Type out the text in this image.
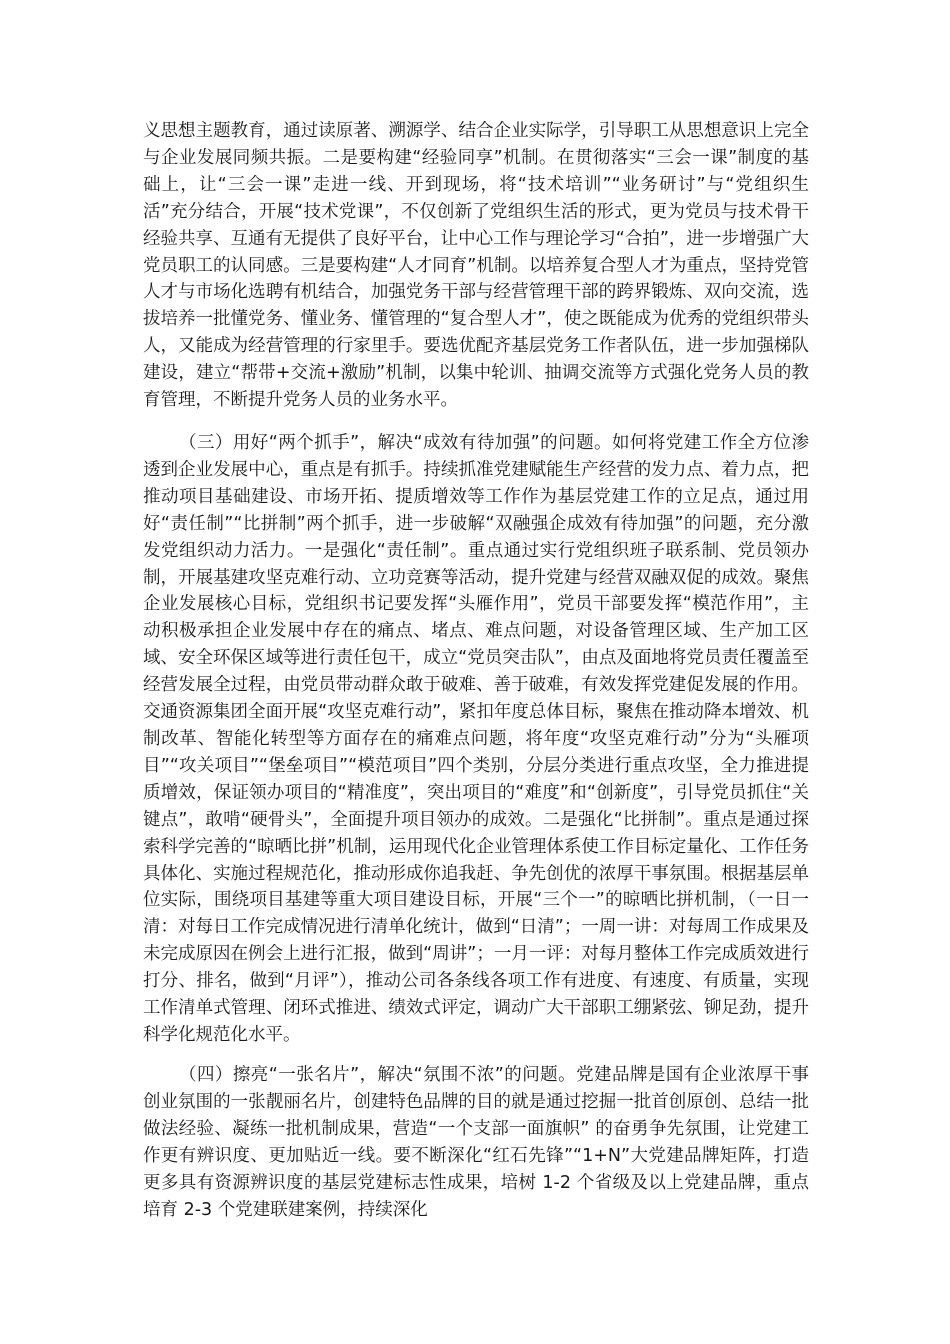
义思想主题教育，通过读原著、溯源学、结合企业实际学，引导职工从思想意识上完全与企业发展同频共振。二是要构建“经验同享”机制。在贯彻落实“三会一课”制度的基础上，让“三会一课”走进一线、开到现场，将“技术培训”“业务研讨”与“党组织生活”充分结合，开展“技术党课”，不仅创新了党组织生活的形式，更为党员与技术骨干经验共享、互通有无提供了良好平台，让中心工作与理论学习“合拍”，进一步增强广大党员职工的认同感。三是要构建“人才同育”机制。以培养复合型人才为重点，坚持党管人才与市场化选聘有机结合，加强党务干部与经营管理干部的跨界锻炼、双向交流，选拔培养一批懂党务、懂业务、懂管理的“复合型人才”，使之既能成为优秀的党组织带头人，又能成为经营管理的行家里手。要选优配齐基层党务工作者队伍，进一步加强梯队建设，建立“帮带+交流+激励”机制，以集中轮训、抽调交流等方式强化党务人员的教育管理，不断提升党务人员的业务水平。

（三）用好“两个抓手”，解决“成效有待加强”的问题。如何将党建工作全方位渗透到企业发展中心，重点是有抓手。持续抓准党建赋能生产经营的发力点、着力点，把推动项目基础建设、市场开拓、提质增效等工作作为基层党建工作的立足点，通过用好“责任制”“比拼制”两个抓手，进一步破解“双融强企成效有待加强”的问题，充分激发党组织动力活力。一是强化“责任制”。重点通过实行党组织班子联系制、党员领办制，开展基建攻坚克难行动、立功竞赛等活动，提升党建与经营双融双促的成效。聚焦企业发展核心目标，党组织书记要发挥“头雁作用”，党员干部要发挥“模范作用”，主动积极承担企业发展中存在的痛点、堵点、难点问题，对设备管理区域、生产加工区域、安全环保区域等进行责任包干，成立“党员突击队”，由点及面地将党员责任覆盖至经营发展全过程，由党员带动群众敢于破难、善于破难，有效发挥党建促发展的作用。交通资源集团全面开展“攻坚克难行动”，紧扣年度总体目标，聚焦在推动降本增效、机制改革、智能化转型等方面存在的痛难点问题，将年度“攻坚克难行动”分为“头雁项目”“攻关项目”“堡垒项目”“模范项目”四个类别，分层分类进行重点攻坚，全力推进提质增效，保证领办项目的“精准度”，突出项目的“难度”和“创新度”，引导党员抓住“关键点”，敢啃“硬骨头”，全面提升项目领办的成效。二是强化“比拼制”。重点是通过探索科学完善的“晾晒比拼”机制，运用现代化企业管理体系使工作目标定量化、工作任务具体化、实施过程规范化，推动形成你追我赶、争先创优的浓厚干事氛围。根据基层单位实际，围绕项目基建等重大项目建设目标，开展“三个一”的晾晒比拼机制，（一日一清：对每日工作完成情况进行清单化统计，做到“日清”；一周一讲：对每周工作成果及未完成原因在例会上进行汇报，做到“周讲”；一月一评：对每月整体工作完成质效进行打分、排名，做到“月评”），推动公司各条线各项工作有进度、有速度、有质量，实现工作清单式管理、闭环式推进、绩效式评定，调动广大干部职工绷紧弦、铆足劲，提升科学化规范化水平。

（四）擦亮“一张名片”，解决“氛围不浓”的问题。党建品牌是国有企业浓厚干事创业氛围的一张靓丽名片，创建特色品牌的目的就是通过挖掘一批首创原创、总结一批做法经验、凝练一批机制成果，营造“一个支部一面旗帜” 的奋勇争先氛围，让党建工作更有辨识度、更加贴近一线。要不断深化“红石先锋”“1+N”大党建品牌矩阵，打造更多具有资源辨识度的基层党建标志性成果，培树 1-2 个省级及以上党建品牌，重点培育 2-3 个党建联建案例，持续深化
